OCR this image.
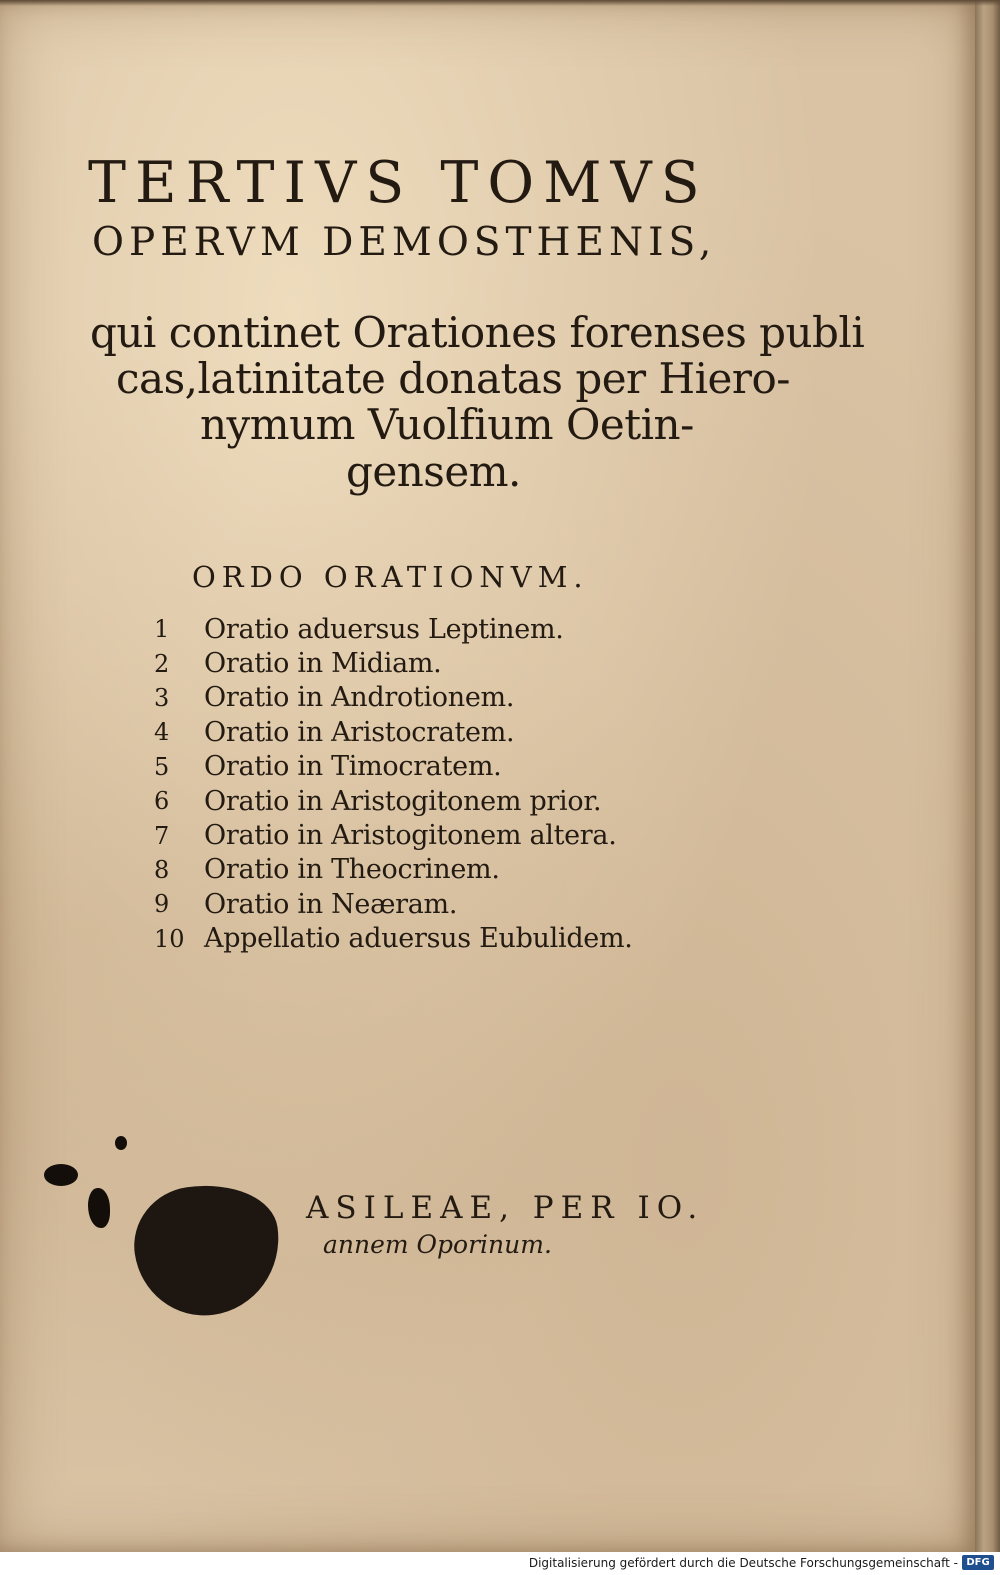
TERTIVS TOMVS

OPERVM DEMOSTHENIS,

qui continet Orationes forenses publi

cas,latinitate donatas per Hiero-

nymum Vuolfium Oetin-

gensem.

ORDO ORATIONVM.

1	Oratio aduersus Leptinem.
2	Oratio in Midiam.
3	Oratio in Androtionem.
4	Oratio in Aristocratem.
5	Oratio in Timocratem.
6	Oratio in Aristogitonem prior.
7	Oratio in Aristogitonem altera.
8	Oratio in Theocrinem.
9	Oratio in Neæram.
10 Appellatio aduersus Eubulidem.

ASILEAE, PER IO.

annem Oporinum.

Digitalisierung gefördert durch die Deutsche Forschungsgemeinschaft - DFG
